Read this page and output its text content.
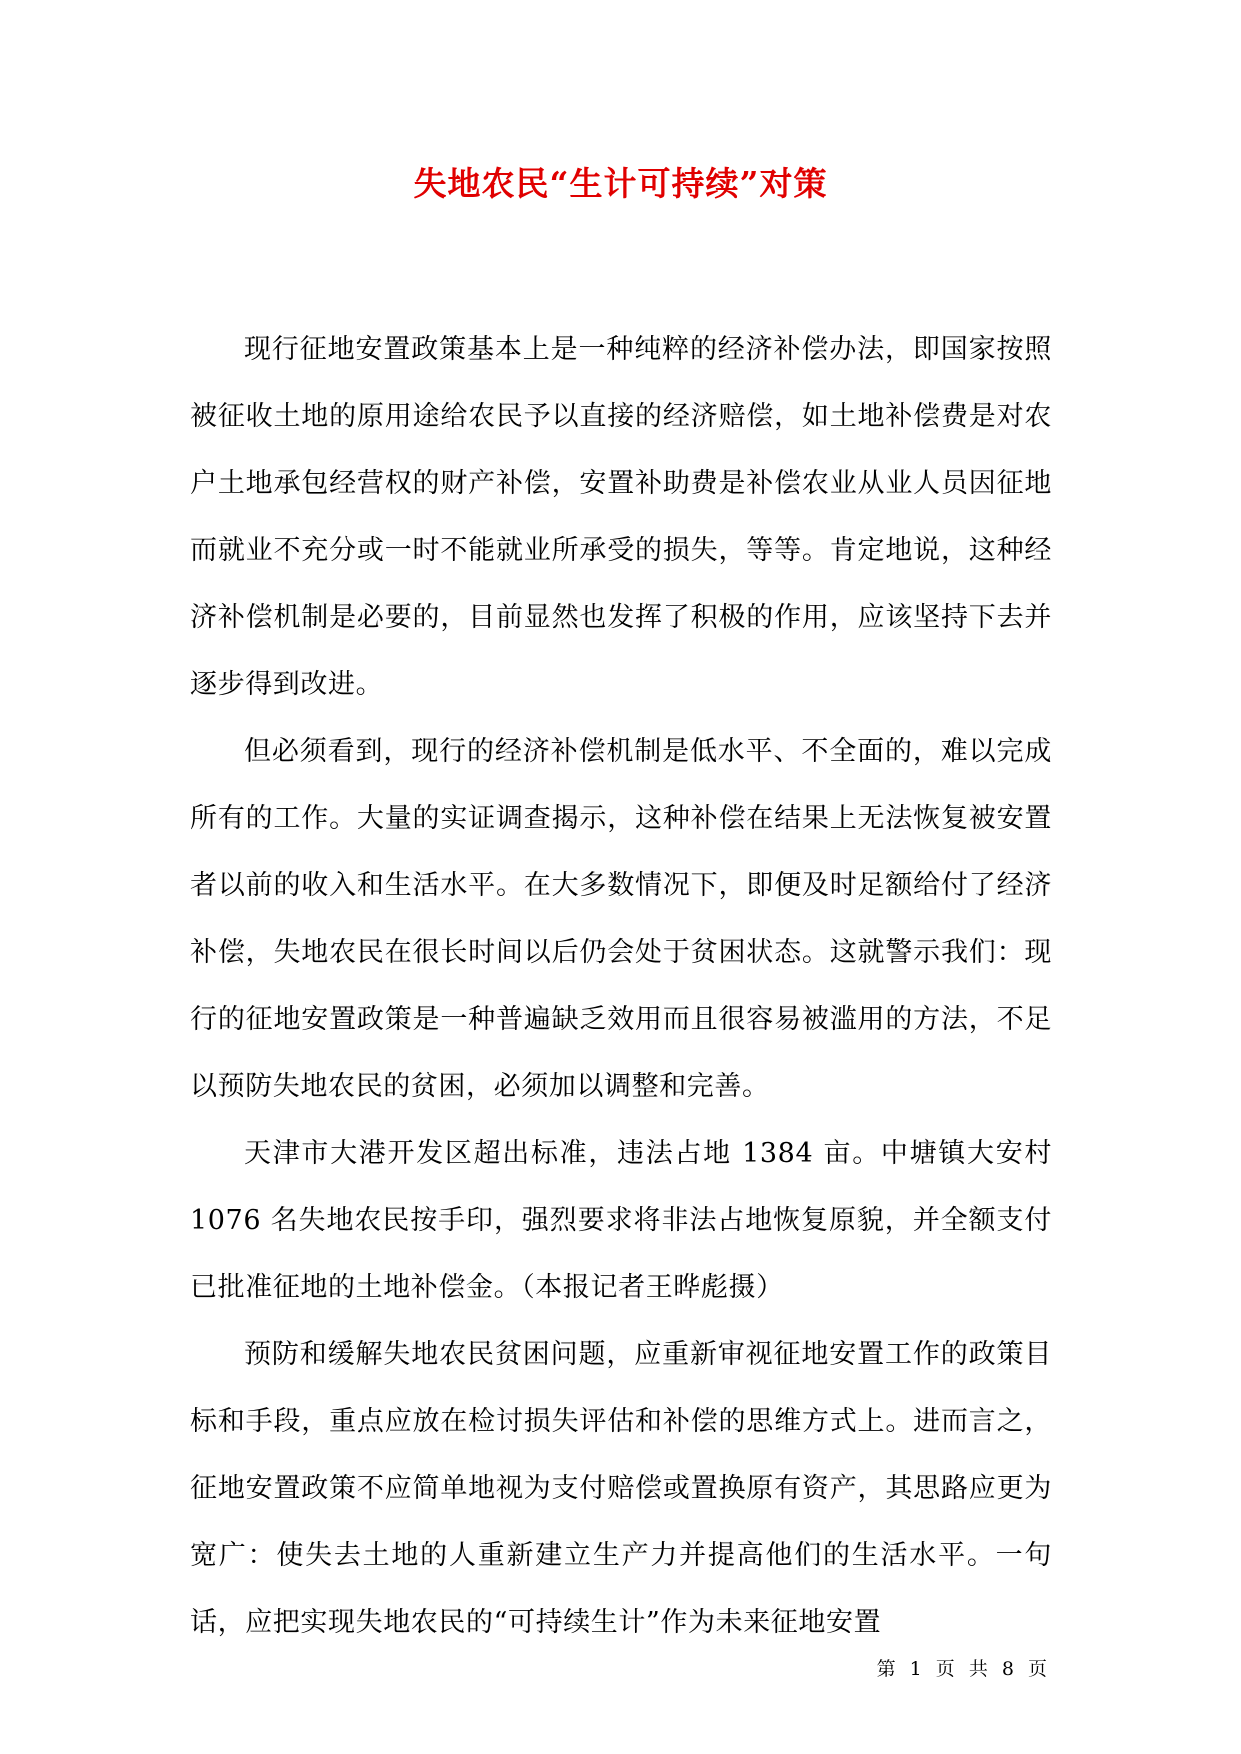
失地农民“生计可持续”对策

现行征地安置政策基本上是一种纯粹的经济补偿办法，即国家按照被征收土地的原用途给农民予以直接的经济赔偿，如土地补偿费是对农户土地承包经营权的财产补偿，安置补助费是补偿农业从业人员因征地而就业不充分或一时不能就业所承受的损失，等等。肯定地说，这种经济补偿机制是必要的，目前显然也发挥了积极的作用，应该坚持下去并逐步得到改进。

但必须看到，现行的经济补偿机制是低水平、不全面的，难以完成所有的工作。大量的实证调查揭示，这种补偿在结果上无法恢复被安置者以前的收入和生活水平。在大多数情况下，即便及时足额给付了经济补偿，失地农民在很长时间以后仍会处于贫困状态。这就警示我们：现行的征地安置政策是一种普遍缺乏效用而且很容易被滥用的方法，不足以预防失地农民的贫困，必须加以调整和完善。

天津市大港开发区超出标准，违法占地 1384 亩。中塘镇大安村 1076 名失地农民按手印，强烈要求将非法占地恢复原貌，并全额支付已批准征地的土地补偿金。（本报记者王晔彪摄）

预防和缓解失地农民贫困问题，应重新审视征地安置工作的政策目标和手段，重点应放在检讨损失评估和补偿的思维方式上。进而言之，征地安置政策不应简单地视为支付赔偿或置换原有资产，其思路应更为宽广：使失去土地的人重新建立生产力并提高他们的生活水平。一句话，应把实现失地农民的“可持续生计”作为未来征地安置

第 1 页 共 8 页
